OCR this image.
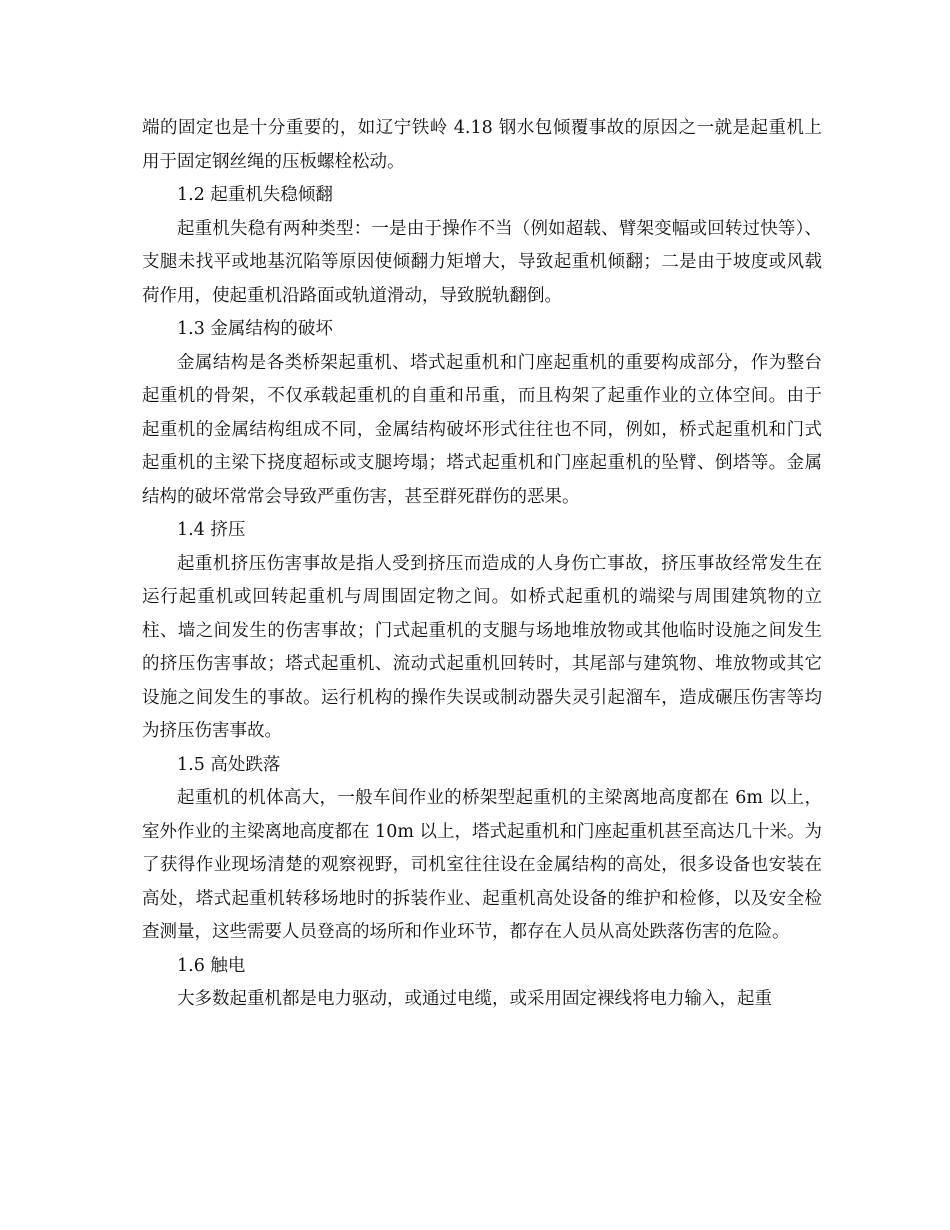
端的固定也是十分重要的，如辽宁铁岭 4.18 钢水包倾覆事故的原因之一就是起重机上用于固定钢丝绳的压板螺栓松动。

1.2 起重机失稳倾翻

起重机失稳有两种类型：一是由于操作不当（例如超载、臂架变幅或回转过快等）、支腿未找平或地基沉陷等原因使倾翻力矩增大，导致起重机倾翻；二是由于坡度或风载荷作用，使起重机沿路面或轨道滑动，导致脱轨翻倒。

1.3 金属结构的破坏

金属结构是各类桥架起重机、塔式起重机和门座起重机的重要构成部分，作为整台起重机的骨架，不仅承载起重机的自重和吊重，而且构架了起重作业的立体空间。由于起重机的金属结构组成不同，金属结构破坏形式往往也不同，例如，桥式起重机和门式起重机的主梁下挠度超标或支腿垮塌；塔式起重机和门座起重机的坠臂、倒塔等。金属结构的破坏常常会导致严重伤害，甚至群死群伤的恶果。

1.4 挤压

起重机挤压伤害事故是指人受到挤压而造成的人身伤亡事故，挤压事故经常发生在运行起重机或回转起重机与周围固定物之间。如桥式起重机的端梁与周围建筑物的立柱、墙之间发生的伤害事故；门式起重机的支腿与场地堆放物或其他临时设施之间发生的挤压伤害事故；塔式起重机、流动式起重机回转时，其尾部与建筑物、堆放物或其它设施之间发生的事故。运行机构的操作失误或制动器失灵引起溜车，造成碾压伤害等均为挤压伤害事故。

1.5 高处跌落

起重机的机体高大，一般车间作业的桥架型起重机的主梁离地高度都在 6m 以上，室外作业的主梁离地高度都在 10m 以上，塔式起重机和门座起重机甚至高达几十米。为了获得作业现场清楚的观察视野，司机室往往设在金属结构的高处，很多设备也安装在高处，塔式起重机转移场地时的拆装作业、起重机高处设备的维护和检修，以及安全检查测量，这些需要人员登高的场所和作业环节，都存在人员从高处跌落伤害的危险。

1.6 触电

大多数起重机都是电力驱动，或通过电缆，或采用固定裸线将电力输入，起重
